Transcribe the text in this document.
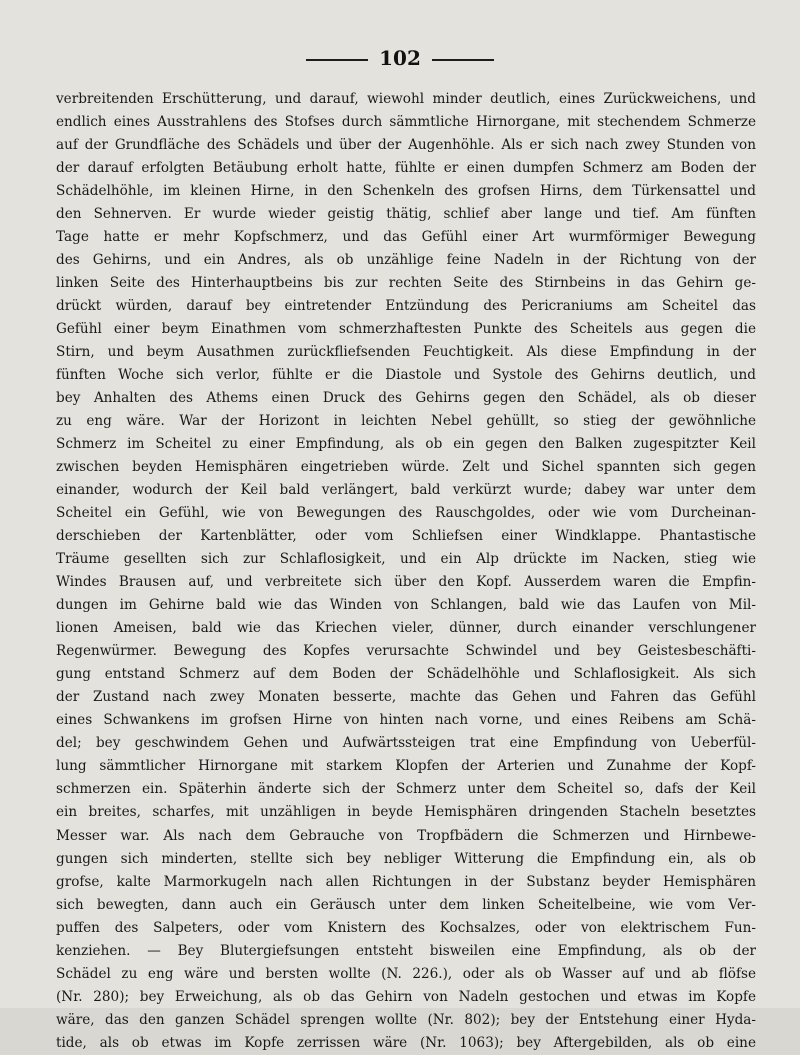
102
verbreitenden Erschütterung, und darauf, wiewohl minder deutlich, eines Zurückweichens, und
endlich eines Ausstrahlens des Stofses durch sämmtliche Hirnorgane, mit stechendem Schmerze
auf der Grundfläche des Schädels und über der Augenhöhle. Als er sich nach zwey Stunden von
der darauf erfolgten Betäubung erholt hatte, fühlte er einen dumpfen Schmerz am Boden der
Schädelhöhle, im kleinen Hirne, in den Schenkeln des grofsen Hirns, dem Türkensattel und
den Sehnerven. Er wurde wieder geistig thätig, schlief aber lange und tief. Am fünften
Tage hatte er mehr Kopfschmerz, und das Gefühl einer Art wurmförmiger Bewegung
des Gehirns, und ein Andres, als ob unzählige feine Nadeln in der Richtung von der
linken Seite des Hinterhauptbeins bis zur rechten Seite des Stirnbeins in das Gehirn ge-
drückt würden, darauf bey eintretender Entzündung des Pericraniums am Scheitel das
Gefühl einer beym Einathmen vom schmerzhaftesten Punkte des Scheitels aus gegen die
Stirn, und beym Ausathmen zurückfliefsenden Feuchtigkeit. Als diese Empfindung in der
fünften Woche sich verlor, fühlte er die Diastole und Systole des Gehirns deutlich, und
bey Anhalten des Athems einen Druck des Gehirns gegen den Schädel, als ob dieser
zu eng wäre. War der Horizont in leichten Nebel gehüllt, so stieg der gewöhnliche
Schmerz im Scheitel zu einer Empfindung, als ob ein gegen den Balken zugespitzter Keil
zwischen beyden Hemisphären eingetrieben würde. Zelt und Sichel spannten sich gegen
einander, wodurch der Keil bald verlängert, bald verkürzt wurde; dabey war unter dem
Scheitel ein Gefühl, wie von Bewegungen des Rauschgoldes, oder wie vom Durcheinan-
derschieben der Kartenblätter, oder vom Schliefsen einer Windklappe. Phantastische
Träume gesellten sich zur Schlaflosigkeit, und ein Alp drückte im Nacken, stieg wie
Windes Brausen auf, und verbreitete sich über den Kopf. Ausserdem waren die Empfin-
dungen im Gehirne bald wie das Winden von Schlangen, bald wie das Laufen von Mil-
lionen Ameisen, bald wie das Kriechen vieler, dünner, durch einander verschlungener
Regenwürmer. Bewegung des Kopfes verursachte Schwindel und bey Geistesbeschäfti-
gung entstand Schmerz auf dem Boden der Schädelhöhle und Schlaflosigkeit. Als sich
der Zustand nach zwey Monaten besserte, machte das Gehen und Fahren das Gefühl
eines Schwankens im grofsen Hirne von hinten nach vorne, und eines Reibens am Schä-
del; bey geschwindem Gehen und Aufwärtssteigen trat eine Empfindung von Ueberfül-
lung sämmtlicher Hirnorgane mit starkem Klopfen der Arterien und Zunahme der Kopf-
schmerzen ein. Späterhin änderte sich der Schmerz unter dem Scheitel so, dafs der Keil
ein breites, scharfes, mit unzähligen in beyde Hemisphären dringenden Stacheln besetztes
Messer war. Als nach dem Gebrauche von Tropfbädern die Schmerzen und Hirnbewe-
gungen sich minderten, stellte sich bey nebliger Witterung die Empfindung ein, als ob
grofse, kalte Marmorkugeln nach allen Richtungen in der Substanz beyder Hemisphären
sich bewegten, dann auch ein Geräusch unter dem linken Scheitelbeine, wie vom Ver-
puffen des Salpeters, oder vom Knistern des Kochsalzes, oder von elektrischem Fun-
kenziehen. — Bey Blutergiefsungen entsteht bisweilen eine Empfindung, als ob der
Schädel zu eng wäre und bersten wollte (N. 226.), oder als ob Wasser auf und ab flöfse
(Nr. 280); bey Erweichung, als ob das Gehirn von Nadeln gestochen und etwas im Kopfe
wäre, das den ganzen Schädel sprengen wollte (Nr. 802); bey der Entstehung einer Hyda-
tide, als ob etwas im Kopfe zerrissen wäre (Nr. 1063); bey Aftergebilden, als ob eine
